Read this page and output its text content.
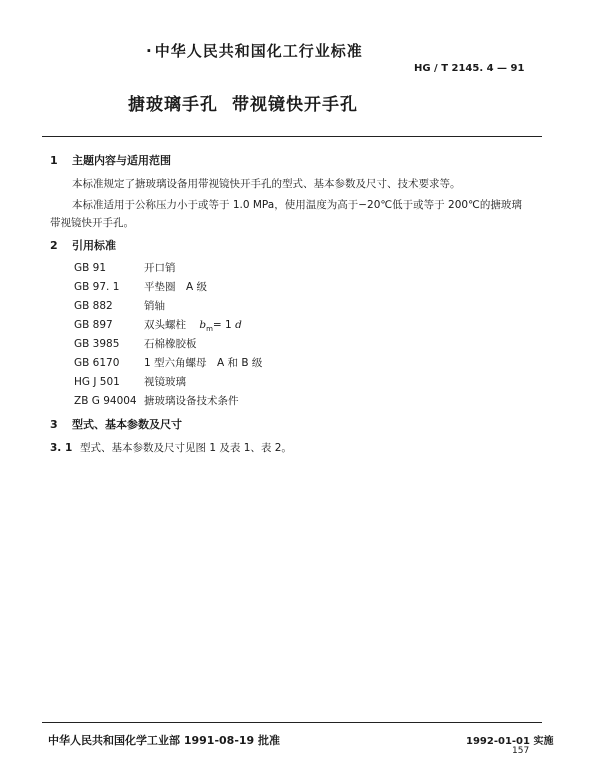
· 中华人民共和国化工行业标准
HG / T 2145. 4 — 91
搪玻璃手孔 带视镜快开手孔
1 主题内容与适用范围
本标准规定了搪玻璃设备用带视镜快开手孔的型式、基本参数及尺寸、技术要求等。
本标准适用于公称压力小于或等于 1.0 MPa，使用温度为高于−20℃低于或等于 200℃的搪玻璃
带视镜快开手孔。
2 引用标准
GB 91	开口销
GB 97. 1 平垫圈　A 级
GB 882	销轴
GB 897	双头螺柱 $b_m= 1$ d
GB 3985 石棉橡胶板
GB 6170 1 型六角螺母　A 和 B 级
HG J 501 视镜玻璃
ZB G 94004 搪玻璃设备技术条件
3 型式、基本参数及尺寸
3. 1 型式、基本参数及尺寸见图 1 及表 1、表 2。
中华人民共和国化学工业部 1991-08-19 批准	1992-01-01 实施
157
